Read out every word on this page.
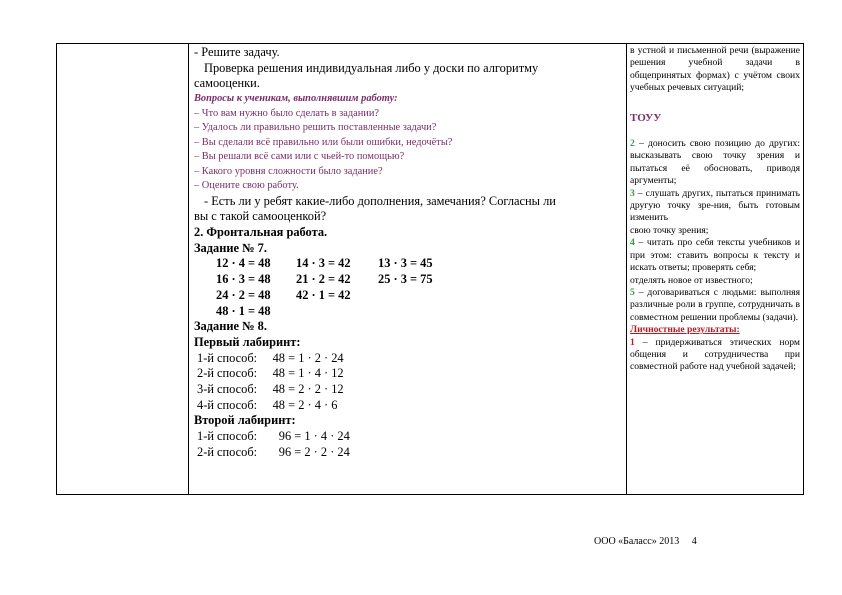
- Решите задачу.
Проверка решения индивидуальная либо у доски по алгоритму
самооценки.
Вопросы к ученикам, выполнявшим работу:
– Что вам нужно было сделать в задании?
– Удалось ли правильно решить поставленные задачи?
– Вы сделали всё правильно или были ошибки, недочёты?
– Вы решали всё сами или с чьей-то помощью?
– Какого уровня сложности было задание?
– Оцените свою работу.
- Есть ли у ребят какие-либо дополнения, замечания? Согласны ли
вы с такой самооценкой?
2. Фронтальная работа.
Задание № 7.
12 · 4 = 48	14 · 3 = 42	13 · 3 = 45
16 · 3 = 48	21 · 2 = 42	25 · 3 = 75
24 · 2 = 48	42 · 1 = 42
48 · 1 = 48
Задание № 8.
Первый лабиринт:
1-й способ:     48 = 1 · 2 · 24
2-й способ:     48 = 1 · 4 · 12
3-й способ:     48 = 2 · 2 · 12
4-й способ:     48 = 2 · 4 · 6
Второй лабиринт:
1-й способ:       96 = 1 · 4 · 24
2-й способ:       96 = 2 · 2 · 24

в устной и письменной речи (выражение решения учебной задачи в общепринятых формах) с учётом своих учебных речевых ситуаций;

ТОУУ

2 – доносить свою позицию до других: высказывать свою точку зрения и пытаться её обосновать, приводя аргументы;

3 – слушать других, пытаться принимать другую точку зре-ния, быть готовым изменить

свою точку зрения;

4 – читать про себя тексты учебников и при этом: ставить вопросы к тексту и искать ответы; проверять себя;

отделять новое от известного;

5 – договариваться с людьми: выполняя различные роли в группе, сотрудничать в совместном решении проблемы (задачи).

Личностные результаты:

1 – придерживаться этических норм общения и сотрудничества при совместной работе над учебной задачей;

ООО «Баласс» 2013 4
